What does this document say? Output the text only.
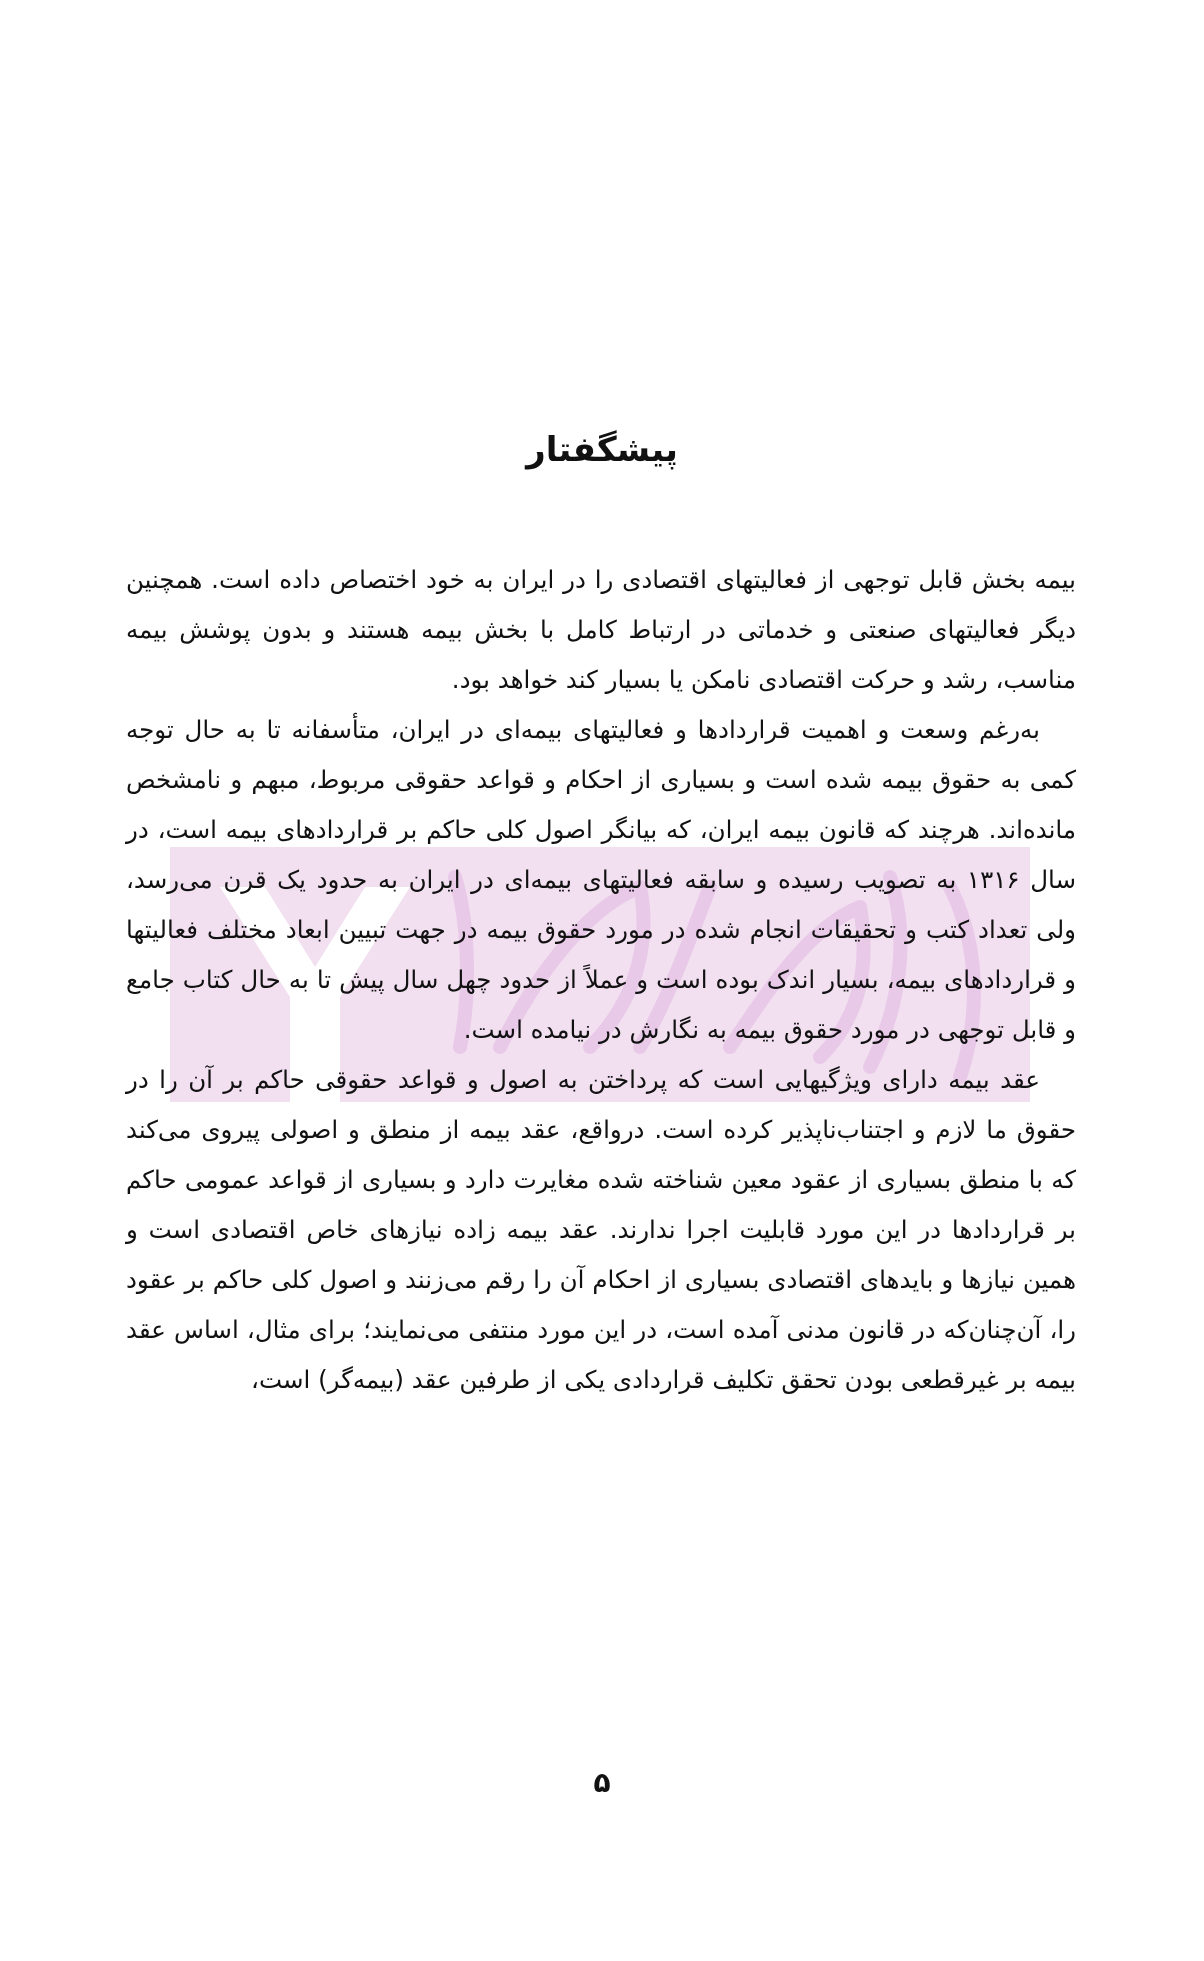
پیشگفتار

بیمه بخش قابل توجهی از فعالیتهای اقتصادی را در ایران به خود اختصاص داده است. همچنین دیگر فعالیتهای صنعتی و خدماتی در ارتباط کامل با بخش بیمه هستند و بدون پوشش بیمه مناسب، رشد و حرکت اقتصادی نامکن یا بسیار کند خواهد بود.

به‌رغم وسعت و اهمیت قراردادها و فعالیتهای بیمه‌ای در ایران، متأسفانه تا به حال توجه کمی به حقوق بیمه شده است و بسیاری از احکام و قواعد حقوقی مربوط، مبهم و نامشخص مانده‌اند. هرچند که قانون بیمه ایران، که بیانگر اصول کلی حاکم بر قراردادهای بیمه است، در سال ۱۳۱۶ به تصویب رسیده و سابقه فعالیتهای بیمه‌ای در ایران به حدود یک قرن می‌رسد، ولی تعداد کتب و تحقیقات انجام شده در مورد حقوق بیمه در جهت تبیین ابعاد مختلف فعالیتها و قراردادهای بیمه، بسیار اندک بوده است و عملاً از حدود چهل سال پیش تا به حال کتاب جامع و قابل توجهی در مورد حقوق بیمه به نگارش در نیامده است.

عقد بیمه دارای ویژگیهایی است که پرداختن به اصول و قواعد حقوقی حاکم بر آن را در حقوق ما لازم و اجتناب‌ناپذیر کرده است. درواقع، عقد بیمه از منطق و اصولی پیروی می‌کند که با منطق بسیاری از عقود معین شناخته شده مغایرت دارد و بسیاری از قواعد عمومی حاکم بر قراردادها در این مورد قابلیت اجرا ندارند. عقد بیمه زاده نیازهای خاص اقتصادی است و همین نیازها و بایدهای اقتصادی بسیاری از احکام آن را رقم می‌زنند و اصول کلی حاکم بر عقود را، آن‌چنان‌که در قانون مدنی آمده است، در این مورد منتفی می‌نمایند؛ برای مثال، اساس عقد بیمه بر غیرقطعی بودن تحقق تکلیف قراردادی یکی از طرفین عقد (بیمه‌گر) است،

۵
